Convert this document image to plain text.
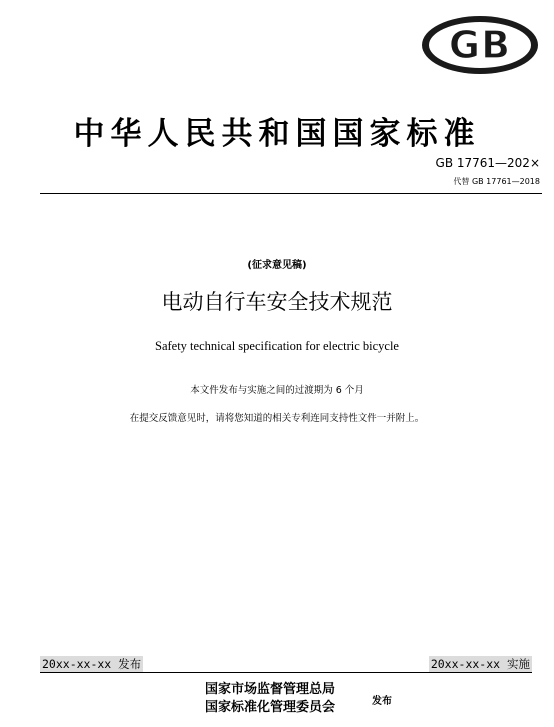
GB
中华人民共和国国家标准
GB 17761—202×
代替 GB 17761—2018
(征求意见稿)
电动自行车安全技术规范
Safety technical specification for electric bicycle
本文件发布与实施之间的过渡期为 6 个月
在提交反馈意见时，请将您知道的相关专利连同支持性文件一并附上。
20xx-xx-xx 发布	20xx-xx-xx 实施
国家市场监督管理总局
国家标准化管理委员会	发布
